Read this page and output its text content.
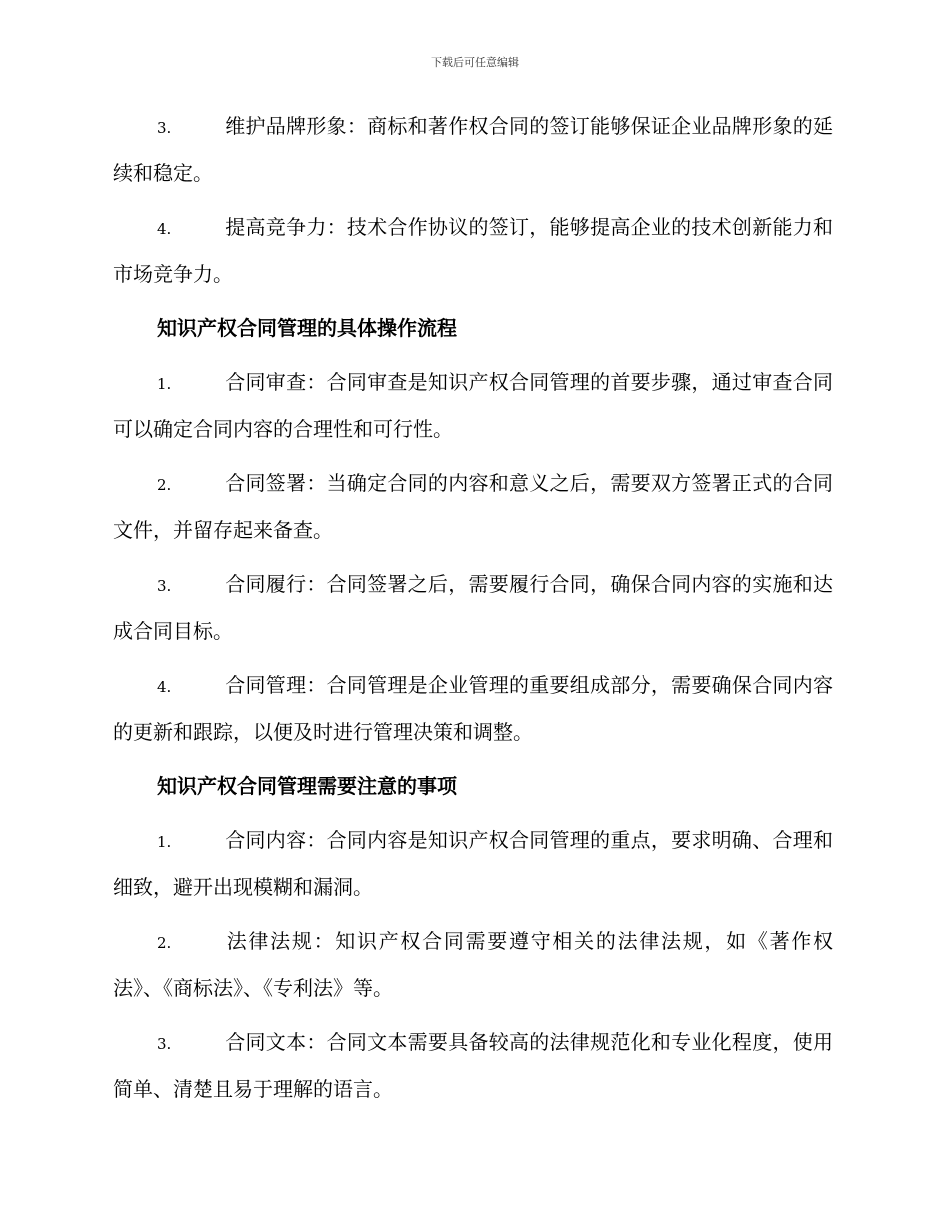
下载后可任意编辑

3.	维护品牌形象：商标和著作权合同的签订能够保证企业品牌形象的延续和稳定。

4.	提高竞争力：技术合作协议的签订，能够提高企业的技术创新能力和市场竞争力。

知识产权合同管理的具体操作流程

1.	合同审查：合同审查是知识产权合同管理的首要步骤，通过审查合同可以确定合同内容的合理性和可行性。

2.	合同签署：当确定合同的内容和意义之后，需要双方签署正式的合同文件，并留存起来备查。

3.	合同履行：合同签署之后，需要履行合同，确保合同内容的实施和达成合同目标。

4.	合同管理：合同管理是企业管理的重要组成部分，需要确保合同内容的更新和跟踪，以便及时进行管理决策和调整。

知识产权合同管理需要注意的事项

1.	合同内容：合同内容是知识产权合同管理的重点，要求明确、合理和细致，避开出现模糊和漏洞。

2.	法律法规：知识产权合同需要遵守相关的法律法规，如《著作权法》、《商标法》、《专利法》等。

3.	合同文本：合同文本需要具备较高的法律规范化和专业化程度，使用简单、清楚且易于理解的语言。
